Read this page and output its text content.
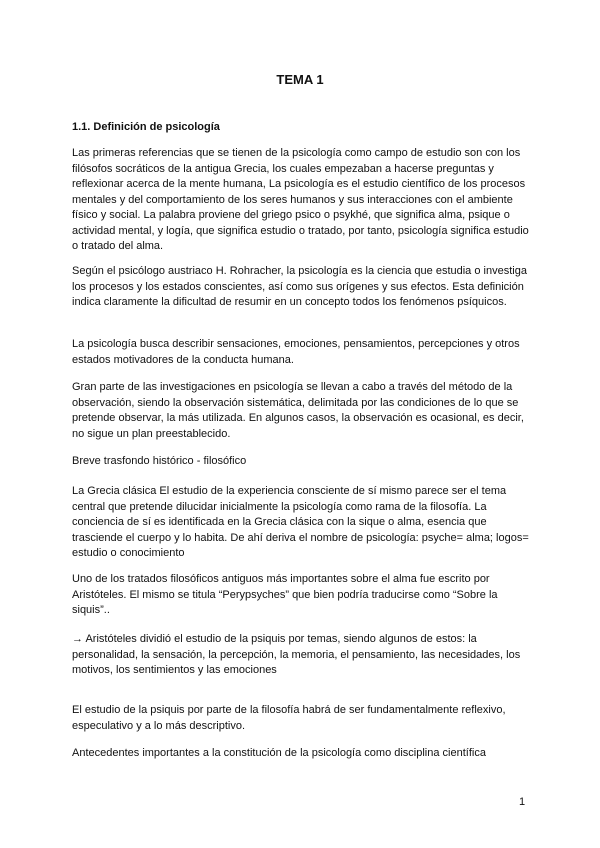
TEMA 1
1.1. Definición de psicología

Las primeras referencias que se tienen de la psicología como campo de estudio son con los filósofos socráticos de la antigua Grecia, los cuales empezaban a hacerse preguntas y reflexionar acerca de la mente humana, La psicología es el estudio científico de los procesos mentales y del comportamiento de los seres humanos y sus interacciones con el ambiente físico y social. La palabra proviene del griego psico o psykhé, que significa alma, psique o actividad mental, y logía, que significa estudio o tratado, por tanto, psicología significa estudio o tratado del alma.

Según el psicólogo austriaco H. Rohracher, la psicología es la ciencia que estudia o investiga los procesos y los estados conscientes, así como sus orígenes y sus efectos. Esta definición indica claramente la dificultad de resumir en un concepto todos los fenómenos psíquicos.

La psicología busca describir sensaciones, emociones, pensamientos, percepciones y otros estados motivadores de la conducta humana.

Gran parte de las investigaciones en psicología se llevan a cabo a través del método de la observación, siendo la observación sistemática, delimitada por las condiciones de lo que se pretende observar, la más utilizada. En algunos casos, la observación es ocasional, es decir, no sigue un plan preestablecido.

Breve trasfondo histórico - filosófico

La Grecia clásica El estudio de la experiencia consciente de sí mismo parece ser el tema central que pretende dilucidar inicialmente la psicología como rama de la filosofía. La conciencia de sí es identificada en la Grecia clásica con la sique o alma, esencia que trasciende el cuerpo y lo habita. De ahí deriva el nombre de psicología: psyche= alma; logos= estudio o conocimiento

Uno de los tratados filosóficos antiguos más importantes sobre el alma fue escrito por Aristóteles. El mismo se titula “Perypsyches” que bien podría traducirse como “Sobre la siquis”..

→ Aristóteles dividió el estudio de la psiquis por temas, siendo algunos de estos: la personalidad, la sensación, la percepción, la memoria, el pensamiento, las necesidades, los motivos, los sentimientos y las emociones

El estudio de la psiquis por parte de la filosofía habrá de ser fundamentalmente reflexivo, especulativo y a lo más descriptivo.

Antecedentes importantes a la constitución de la psicología como disciplina científica

1
